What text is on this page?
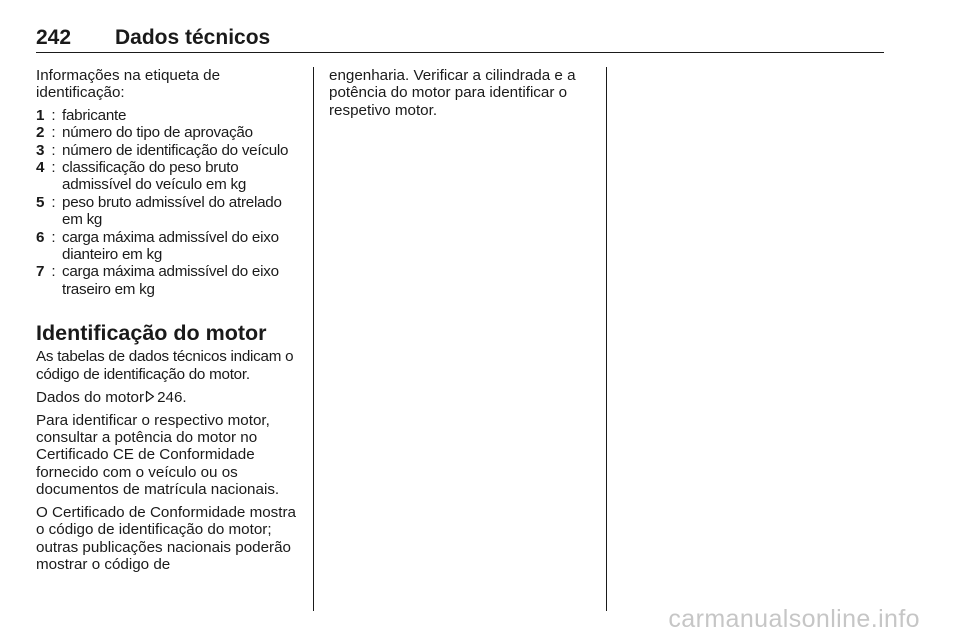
242 Dados técnicos

Informações na etiqueta de identificação:

1 : fabricante
2 : número do tipo de aprovação
3 : número de identificação do veículo
4 : classificação do peso bruto admissível do veículo em kg
5 : peso bruto admissível do atrelado em kg
6 : carga máxima admissível do eixo dianteiro em kg
7 : carga máxima admissível do eixo traseiro em kg
Identificação do motor

As tabelas de dados técnicos indicam o código de identificação do motor.

Dados do motor 246.

Para identificar o respectivo motor, consultar a potência do motor no Certificado CE de Conformidade fornecido com o veículo ou os documentos de matrícula nacionais.

O Certificado de Conformidade mostra o código de identificação do motor; outras publicações nacionais poderão mostrar o código de

engenharia. Verificar a cilindrada e a potência do motor para identificar o respetivo motor.

carmanualsonline.info
